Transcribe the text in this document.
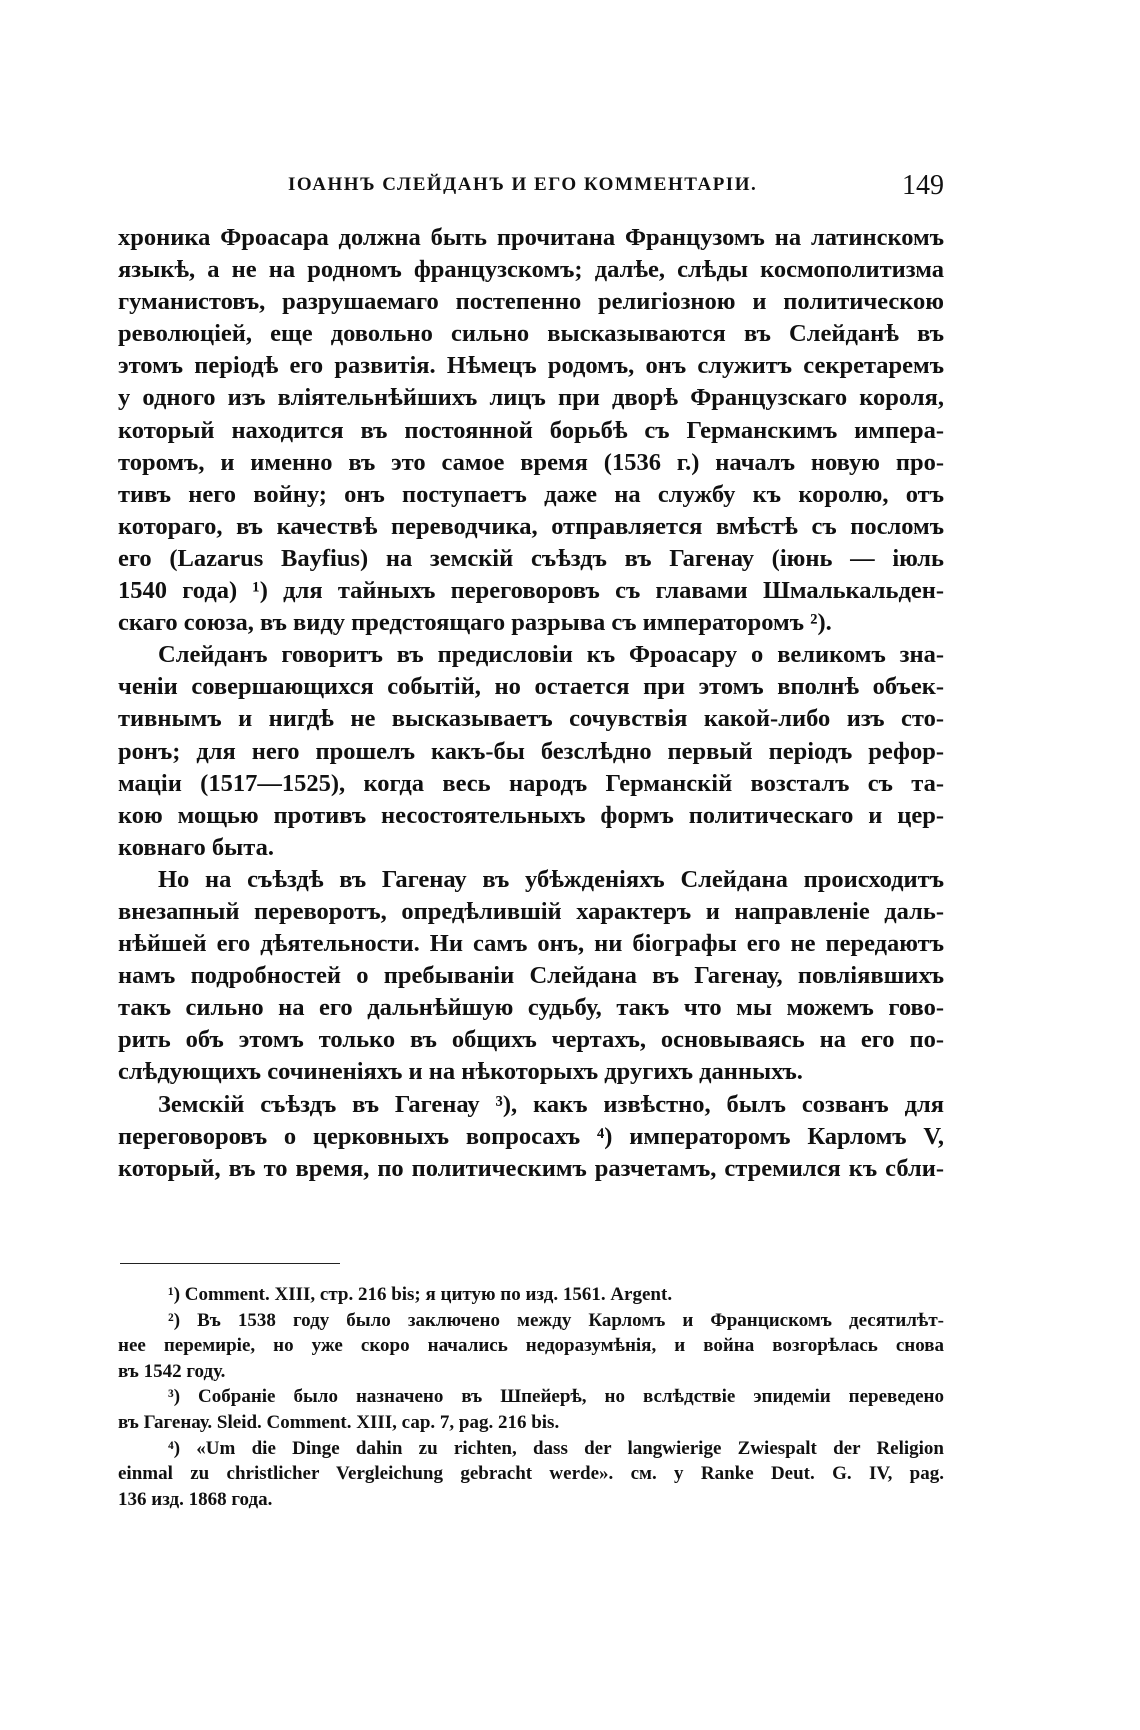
IОАННЪ СЛЕЙДАНЪ И ЕГО КОММЕНТАРІИ.	149
хроника Фроасара должна быть прочитана Французомъ на латинскомъ
языкѣ, а не на родномъ французскомъ; далѣе, слѣды космополитизма
гуманистовъ, разрушаемаго постепенно религіозною и политическою
революціей, еще довольно сильно высказываются въ Слейданѣ въ
этомъ періодѣ его развитія. Нѣмецъ родомъ, онъ служитъ секретаремъ
у одного изъ вліятельнѣйшихъ лицъ при дворѣ Французскаго короля,
который находится въ постоянной борьбѣ съ Германскимъ импера-
торомъ, и именно въ это самое время (1536 г.) началъ новую про-
тивъ него войну; онъ поступаетъ даже на службу къ королю, отъ
котораго, въ качествѣ переводчика, отправляется вмѣстѣ съ посломъ
его (Lazarus Bayfius) на земскій съѣздъ въ Гагенау (іюнь — іюль
1540 года) ¹) для тайныхъ переговоровъ съ главами Шмалькальден-
скаго союза, въ виду предстоящаго разрыва съ императоромъ ²).
Слейданъ говоритъ въ предисловіи къ Фроасару о великомъ зна-
ченіи совершающихся событій, но остается при этомъ вполнѣ объек-
тивнымъ и нигдѣ не высказываетъ сочувствія какой-либо изъ сто-
ронъ; для него прошелъ какъ-бы безслѣдно первый періодъ рефор-
маціи (1517—1525), когда весь народъ Германскій возсталъ съ та-
кою мощью противъ несостоятельныхъ формъ политическаго и цер-
ковнаго быта.
Но на съѣздѣ въ Гагенау въ убѣжденіяхъ Слейдана происходитъ
внезапный переворотъ, опредѣлившій характеръ и направленіе даль-
нѣйшей его дѣятельности. Ни самъ онъ, ни біографы его не передаютъ
намъ подробностей о пребываніи Слейдана въ Гагенау, повліявшихъ
такъ сильно на его дальнѣйшую судьбу, такъ что мы можемъ гово-
рить объ этомъ только въ общихъ чертахъ, основываясь на его по-
слѣдующихъ сочиненіяхъ и на нѣкоторыхъ другихъ данныхъ.
Земскій съѣздъ въ Гагенау ³), какъ извѣстно, былъ созванъ для
переговоровъ о церковныхъ вопросахъ ⁴) императоромъ Карломъ V,
который, въ то время, по политическимъ разчетамъ, стремился къ сбли-
¹) Comment. XIII, стр. 216 bis; я цитую по изд. 1561. Argent.
²) Въ 1538 году было заключено между Карломъ и Францискомъ десятилѣт-
нее перемиріе, но уже скоро начались недоразумѣнія, и война возгорѣлась снова
въ 1542 году.
³) Собраніе было назначено въ Шпейерѣ, но вслѣдствіе эпидеміи переведено
въ Гагенау. Sleid. Comment. XIII, сар. 7, pag. 216 bis.
⁴) «Um die Dinge dahin zu richten, dass der langwierige Zwiespalt der Religion
einmal zu christlicher Vergleichung gebracht werde». см. у Ranke Deut. G. IV, pag.
136 изд. 1868 года.
